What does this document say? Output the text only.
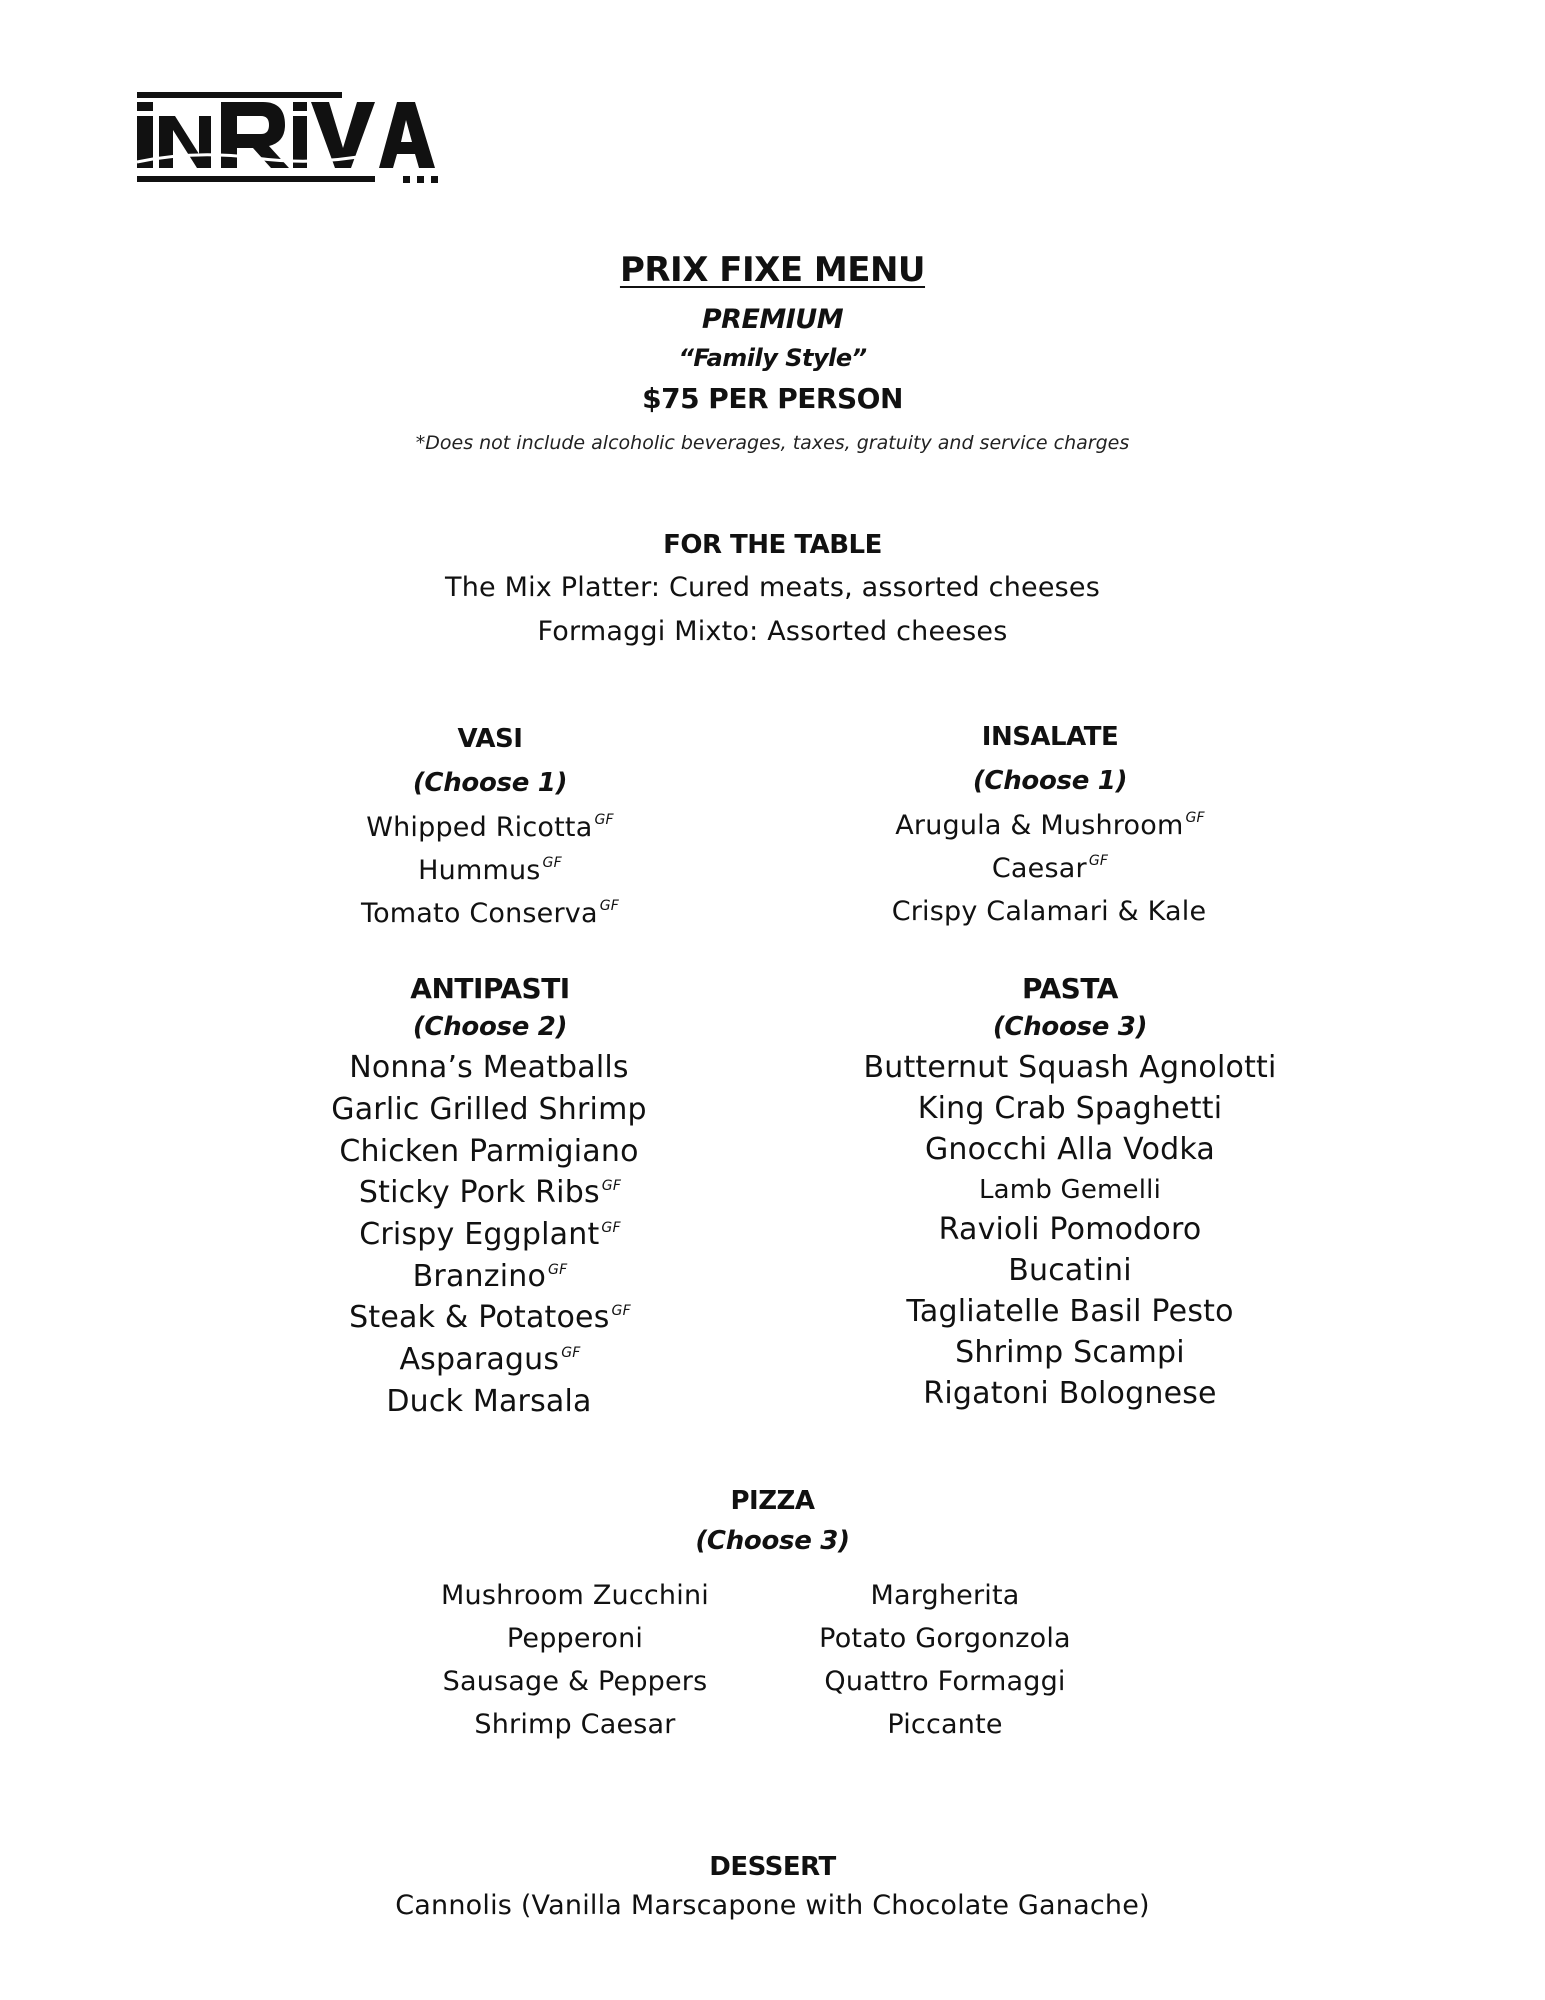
PRIX FIXE MENU
PREMIUM
“Family Style”
$75 PER PERSON
*Does not include alcoholic beverages, taxes, gratuity and service charges
FOR THE TABLE
The Mix Platter: Cured meats, assorted cheeses
Formaggi Mixto: Assorted cheeses
VASI
(Choose 1)
Whipped Ricotta $^{GF}$
Hummus $^{GF}$
Tomato Conserva $^{GF}$
INSALATE
(Choose 1)
Arugula & Mushroom $^{GF}$
Caesar $^{GF}$
Crispy Calamari & Kale
ANTIPASTI
(Choose 2)
Nonna’s Meatballs
Garlic Grilled Shrimp
Chicken Parmigiano
Sticky Pork Ribs $^{GF}$
Crispy Eggplant $^{GF}$
Branzino $^{GF}$
Steak & Potatoes $^{GF}$
Asparagus $^{GF}$
Duck Marsala
PASTA
(Choose 3)
Butternut Squash Agnolotti
King Crab Spaghetti
Gnocchi Alla Vodka
Lamb Gemelli
Ravioli Pomodoro
Bucatini
Tagliatelle Basil Pesto
Shrimp Scampi
Rigatoni Bolognese
PIZZA
(Choose 3)
Mushroom Zucchini
Pepperoni
Sausage & Peppers
Shrimp Caesar
Margherita
Potato Gorgonzola
Quattro Formaggi
Piccante
DESSERT
Cannolis (Vanilla Marscapone with Chocolate Ganache)
